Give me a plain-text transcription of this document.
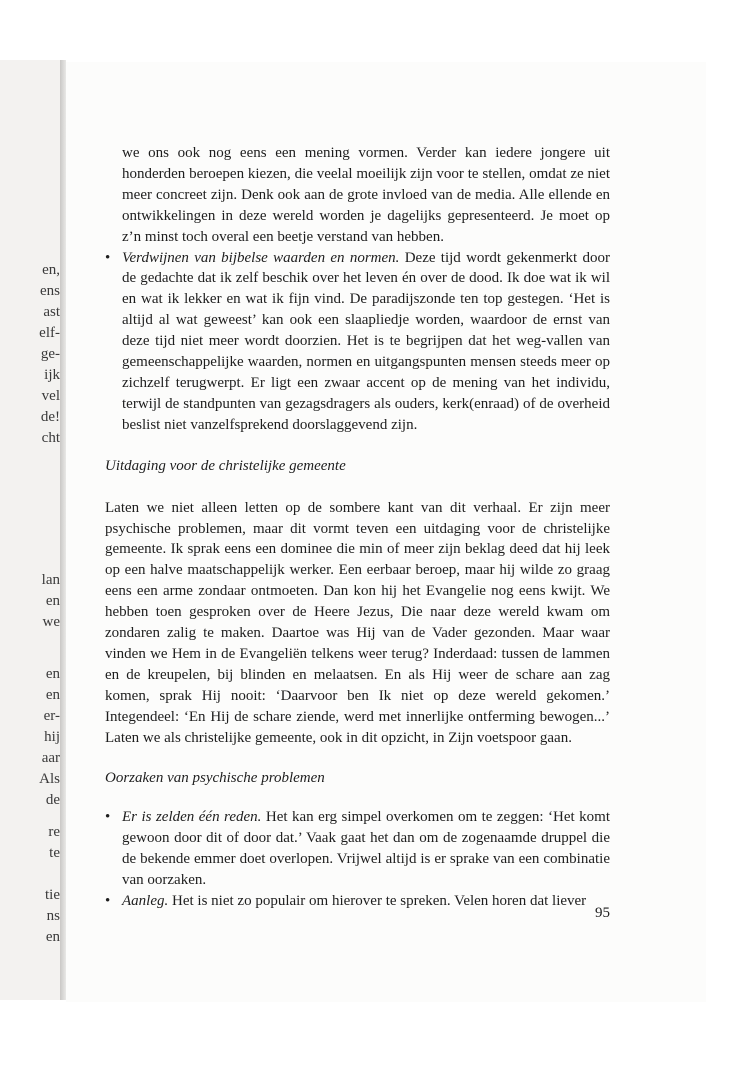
en,
ens
ast
elf-
ge-
ijk
vel
de!
cht
lan
en
we
en
en
er-
hij
aar
Als
de
re
te
tie
ns
en

we ons ook nog eens een mening vormen. Verder kan iedere jongere uit honderden beroepen kiezen, die veelal moeilijk zijn voor te stellen, omdat ze niet meer concreet zijn. Denk ook aan de grote invloed van de media. Alle ellende en ontwikkelingen in deze wereld worden je dagelijks gepresenteerd. Je moet op z’n minst toch overal een beetje verstand van hebben.

• Verdwijnen van bijbelse waarden en normen. Deze tijd wordt gekenmerkt door de gedachte dat ik zelf beschik over het leven én over de dood. Ik doe wat ik wil en wat ik lekker en wat ik fijn vind. De paradijszonde ten top gestegen. ‘Het is altijd al wat geweest’ kan ook een slaapliedje worden, waardoor de ernst van deze tijd niet meer wordt doorzien. Het is te begrijpen dat het weg-vallen van gemeenschappelijke waarden, normen en uitgangspunten mensen steeds meer op zichzelf terugwerpt. Er ligt een zwaar accent op de mening van het individu, terwijl de standpunten van gezagsdragers als ouders, kerk(enraad) of de overheid beslist niet vanzelfsprekend doorslaggevend zijn.

Uitdaging voor de christelijke gemeente

Laten we niet alleen letten op de sombere kant van dit verhaal. Er zijn meer psychische problemen, maar dit vormt teven een uitdaging voor de christelijke gemeente. Ik sprak eens een dominee die min of meer zijn beklag deed dat hij leek op een halve maatschappelijk werker. Een eerbaar beroep, maar hij wilde zo graag eens een arme zondaar ontmoeten. Dan kon hij het Evangelie nog eens kwijt. We hebben toen gesproken over de Heere Jezus, Die naar deze wereld kwam om zondaren zalig te maken. Daartoe was Hij van de Vader gezonden. Maar waar vinden we Hem in de Evangeliën telkens weer terug? Inderdaad: tussen de lammen en de kreupelen, bij blinden en melaatsen. En als Hij weer de schare aan zag komen, sprak Hij nooit: ‘Daarvoor ben Ik niet op deze wereld gekomen.’ Integendeel: ‘En Hij de schare ziende, werd met innerlijke ontferming bewogen...’ Laten we als christelijke gemeente, ook in dit opzicht, in Zijn voetspoor gaan.

Oorzaken van psychische problemen

• Er is zelden één reden. Het kan erg simpel overkomen om te zeggen: ‘Het komt gewoon door dit of door dat.’ Vaak gaat het dan om de zogenaamde druppel die de bekende emmer doet overlopen. Vrijwel altijd is er sprake van een combinatie van oorzaken.

• Aanleg. Het is niet zo populair om hierover te spreken. Velen horen dat liever

95
